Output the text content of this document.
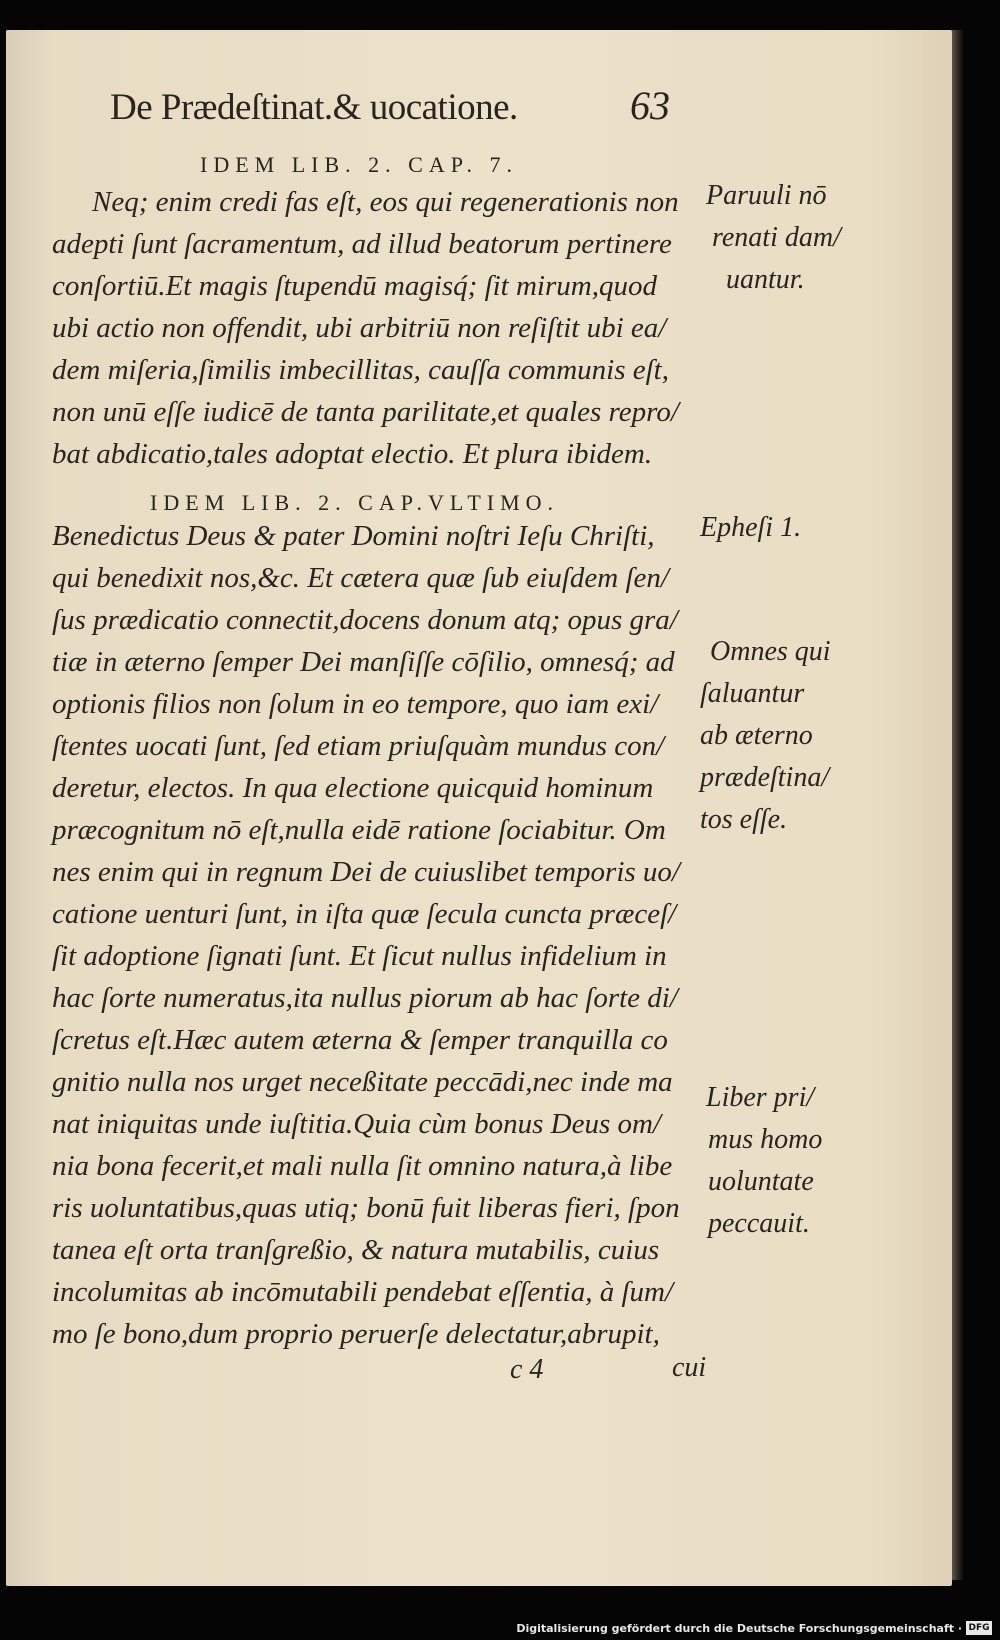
De Prædeſtinat.& uocatione.	63
IDEM LIB. 2. CAP. 7.
IDEM LIB. 2. CAP.VLTIMO.
Neq; enim credi fas eſt, eos qui regenerationis non
adepti ſunt ſacramentum, ad illud beatorum pertinere
conſortiū.Et magis ſtupendū magisq́; ſit mirum,quod
ubi actio non offendit, ubi arbitriū non reſiſtit ubi ea/
dem miſeria,ſimilis imbecillitas, cauſſa communis eſt,
non unū eſſe iudicē de tanta parilitate,et quales repro/
bat abdicatio,tales adoptat electio. Et plura ibidem.
Benedictus Deus & pater Domini noſtri Ieſu Chriſti,
qui benedixit nos,&c. Et cætera quæ ſub eiuſdem ſen/
ſus prædicatio connectit,docens donum atq; opus gra/
tiæ in æterno ſemper Dei manſiſſe cōſilio, omnesq́; ad
optionis filios non ſolum in eo tempore, quo iam exi/
ſtentes uocati ſunt, ſed etiam priuſquàm mundus con/
deretur, electos. In qua electione quicquid hominum
præcognitum nō eſt,nulla eidē ratione ſociabitur. Om
nes enim qui in regnum Dei de cuiuslibet temporis uo/
catione uenturi ſunt, in iſta quæ ſecula cuncta præceſ/
ſit adoptione ſignati ſunt. Et ſicut nullus infidelium in
hac ſorte numeratus,ita nullus piorum ab hac ſorte di/
ſcretus eſt.Hæc autem æterna & ſemper tranquilla co
gnitio nulla nos urget neceßitate peccādi,nec inde ma
nat iniquitas unde iuſtitia.Quia cùm bonus Deus om/
nia bona fecerit,et mali nulla ſit omnino natura,à libe
ris uoluntatibus,quas utiq; bonū fuit liberas fieri, ſpon
tanea eſt orta tranſgreßio, & natura mutabilis, cuius
incolumitas ab incōmutabili pendebat eſſentia, à ſum/
mo ſe bono,dum proprio peruerſe delectatur,abrupit,
Paruuli nō
renati dam/
uantur.
Epheſi 1.
Omnes qui
ſaluantur
ab æterno
prædeſtina/
tos eſſe.
Liber pri/
mus homo
uoluntate
peccauit.
c 4	cui
Digitalisierung gefördert durch die Deutsche Forschungsgemeinschaft · DFG
